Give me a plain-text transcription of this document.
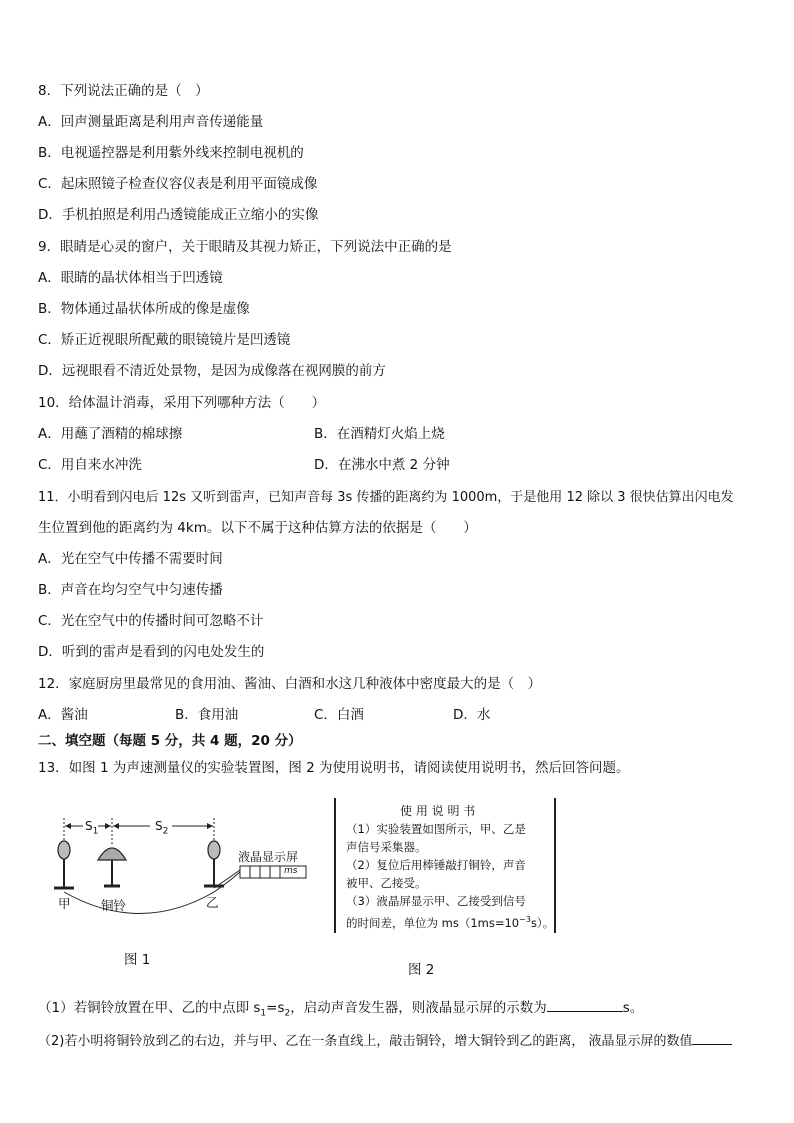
8．下列说法正确的是（　）
A．回声测量距离是利用声音传递能量
B．电视遥控器是利用紫外线来控制电视机的
C．起床照镜子检查仪容仪表是利用平面镜成像
D．手机拍照是利用凸透镜能成正立缩小的实像
9．眼睛是心灵的窗户，关于眼睛及其视力矫正，下列说法中正确的是
A．眼睛的晶状体相当于凹透镜
B．物体通过晶状体所成的像是虚像
C．矫正近视眼所配戴的眼镜镜片是凹透镜
D．远视眼看不清近处景物，是因为成像落在视网膜的前方
10．给体温计消毒，采用下列哪种方法（　　）
A．用蘸了酒精的棉球擦	B．在酒精灯火焰上烧
C．用自来水冲洗	D．在沸水中煮 2 分钟
11．小明看到闪电后 12s 又听到雷声，已知声音每 3s 传播的距离约为 1000m，于是他用 12 除以 3 很快估算出闪电发
生位置到他的距离约为 4km。以下不属于这种估算方法的依据是（　　）
A．光在空气中传播不需要时间
B．声音在均匀空气中匀速传播
C．光在空气中的传播时间可忽略不计
D．听到的雷声是看到的闪电处发生的
12．家庭厨房里最常见的食用油、酱油、白酒和水这几种液体中密度最大的是（　）
A．酱油	B．食用油	C．白酒	D．水
二、填空题（每题 5 分，共 4 题，20 分）
13．如图 1 为声速测量仪的实验装置图，图 2 为使用说明书，请阅读使用说明书，然后回答问题。
$S_1$	$S_2$
甲 铜铃	乙
液晶显示屏
ms
图 1
使 用 说 明 书
（1）实验装置如图所示，甲、乙是
声信号采集器。
（2）复位后用棒锤敲打铜铃，声音
被甲、乙接受。
（3）液晶屏显示甲、乙接受到信号
的时间差，单位为 $ms(1ms=10^{-3}s)$。
图 2
（1）若铜铃放置在甲、乙的中点即 $s_1=s_2$，启动声音发生器，则液晶显示屏的示数为	s。
（2)若小明将铜铃放到乙的右边，并与甲、乙在一条直线上，敲击铜铃，增大铜铃到乙的距离， 液晶显示屏的数值
